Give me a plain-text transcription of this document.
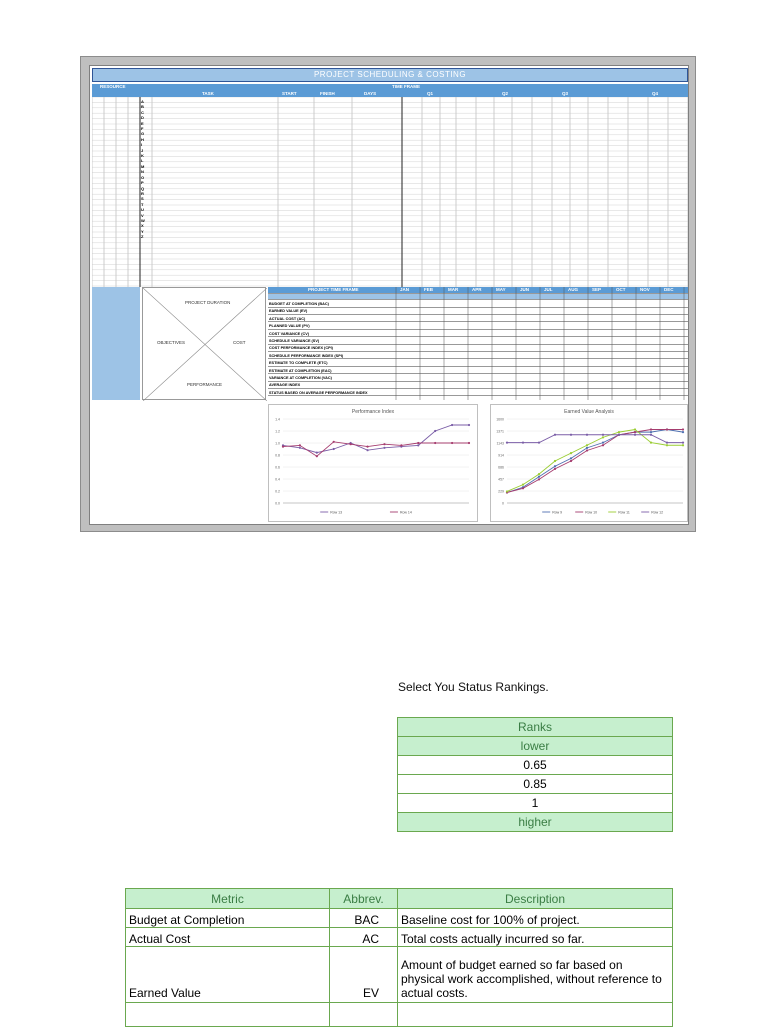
PROJECT SCHEDULING & COSTING
RESOURCE	TIME FRAME
TASK	START	FINISH	DAYS	Q1	Q2	Q3	Q4
A
B
C
D
E
F
G
H
I
J
K
L
M
N
O
P
Q
R
S
T
U
V
W
X
Y
Z
PROJECT DURATION
OBJECTIVES	COST
PERFORMANCE
PROJECT TIME FRAME	JAN	FEB	MAR	APR	MAY	JUN	JUL	AUG	SEP	OCT	NOV	DEC
BUDGET AT COMPLETION (BAC)
EARNED VALUE (EV)
ACTUAL COST (AC)
PLANNED VALUE (PV)
COST VARIANCE (CV)
SCHEDULE VARIANCE (SV)
COST PERFORMANCE INDEX (CPI)
SCHEDULE PERFORMANCE INDEX (SPI)
ESTIMATE TO COMPLETE (ETC)
ESTIMATE AT COMPLETION (EAC)
VARIANCE AT COMPLETION (VAC)
AVERAGE INDEX
STATUS BASED ON AVERAGE PERFORMANCE INDEX
Performance Index
0.0
0.2
0.4
0.6
0.8
1.0
1.2
1.4
Row 13	Row 14
Earned Value Analysis
0
229
457
686
914
1143
1371
1600
Row 9	Row 10	Row 11	Row 12
Select You Status Rankings.
Ranks
lower
0.65
0.85
1
higher
Metric	Abbrev.	Description
Budget at Completion	BAC	Baseline cost for 100% of project.
Actual Cost	AC	Total costs actually incurred so far.
Earned Value	EV	Amount of budget earned so far based on physical work accomplished, without reference to actual costs.
